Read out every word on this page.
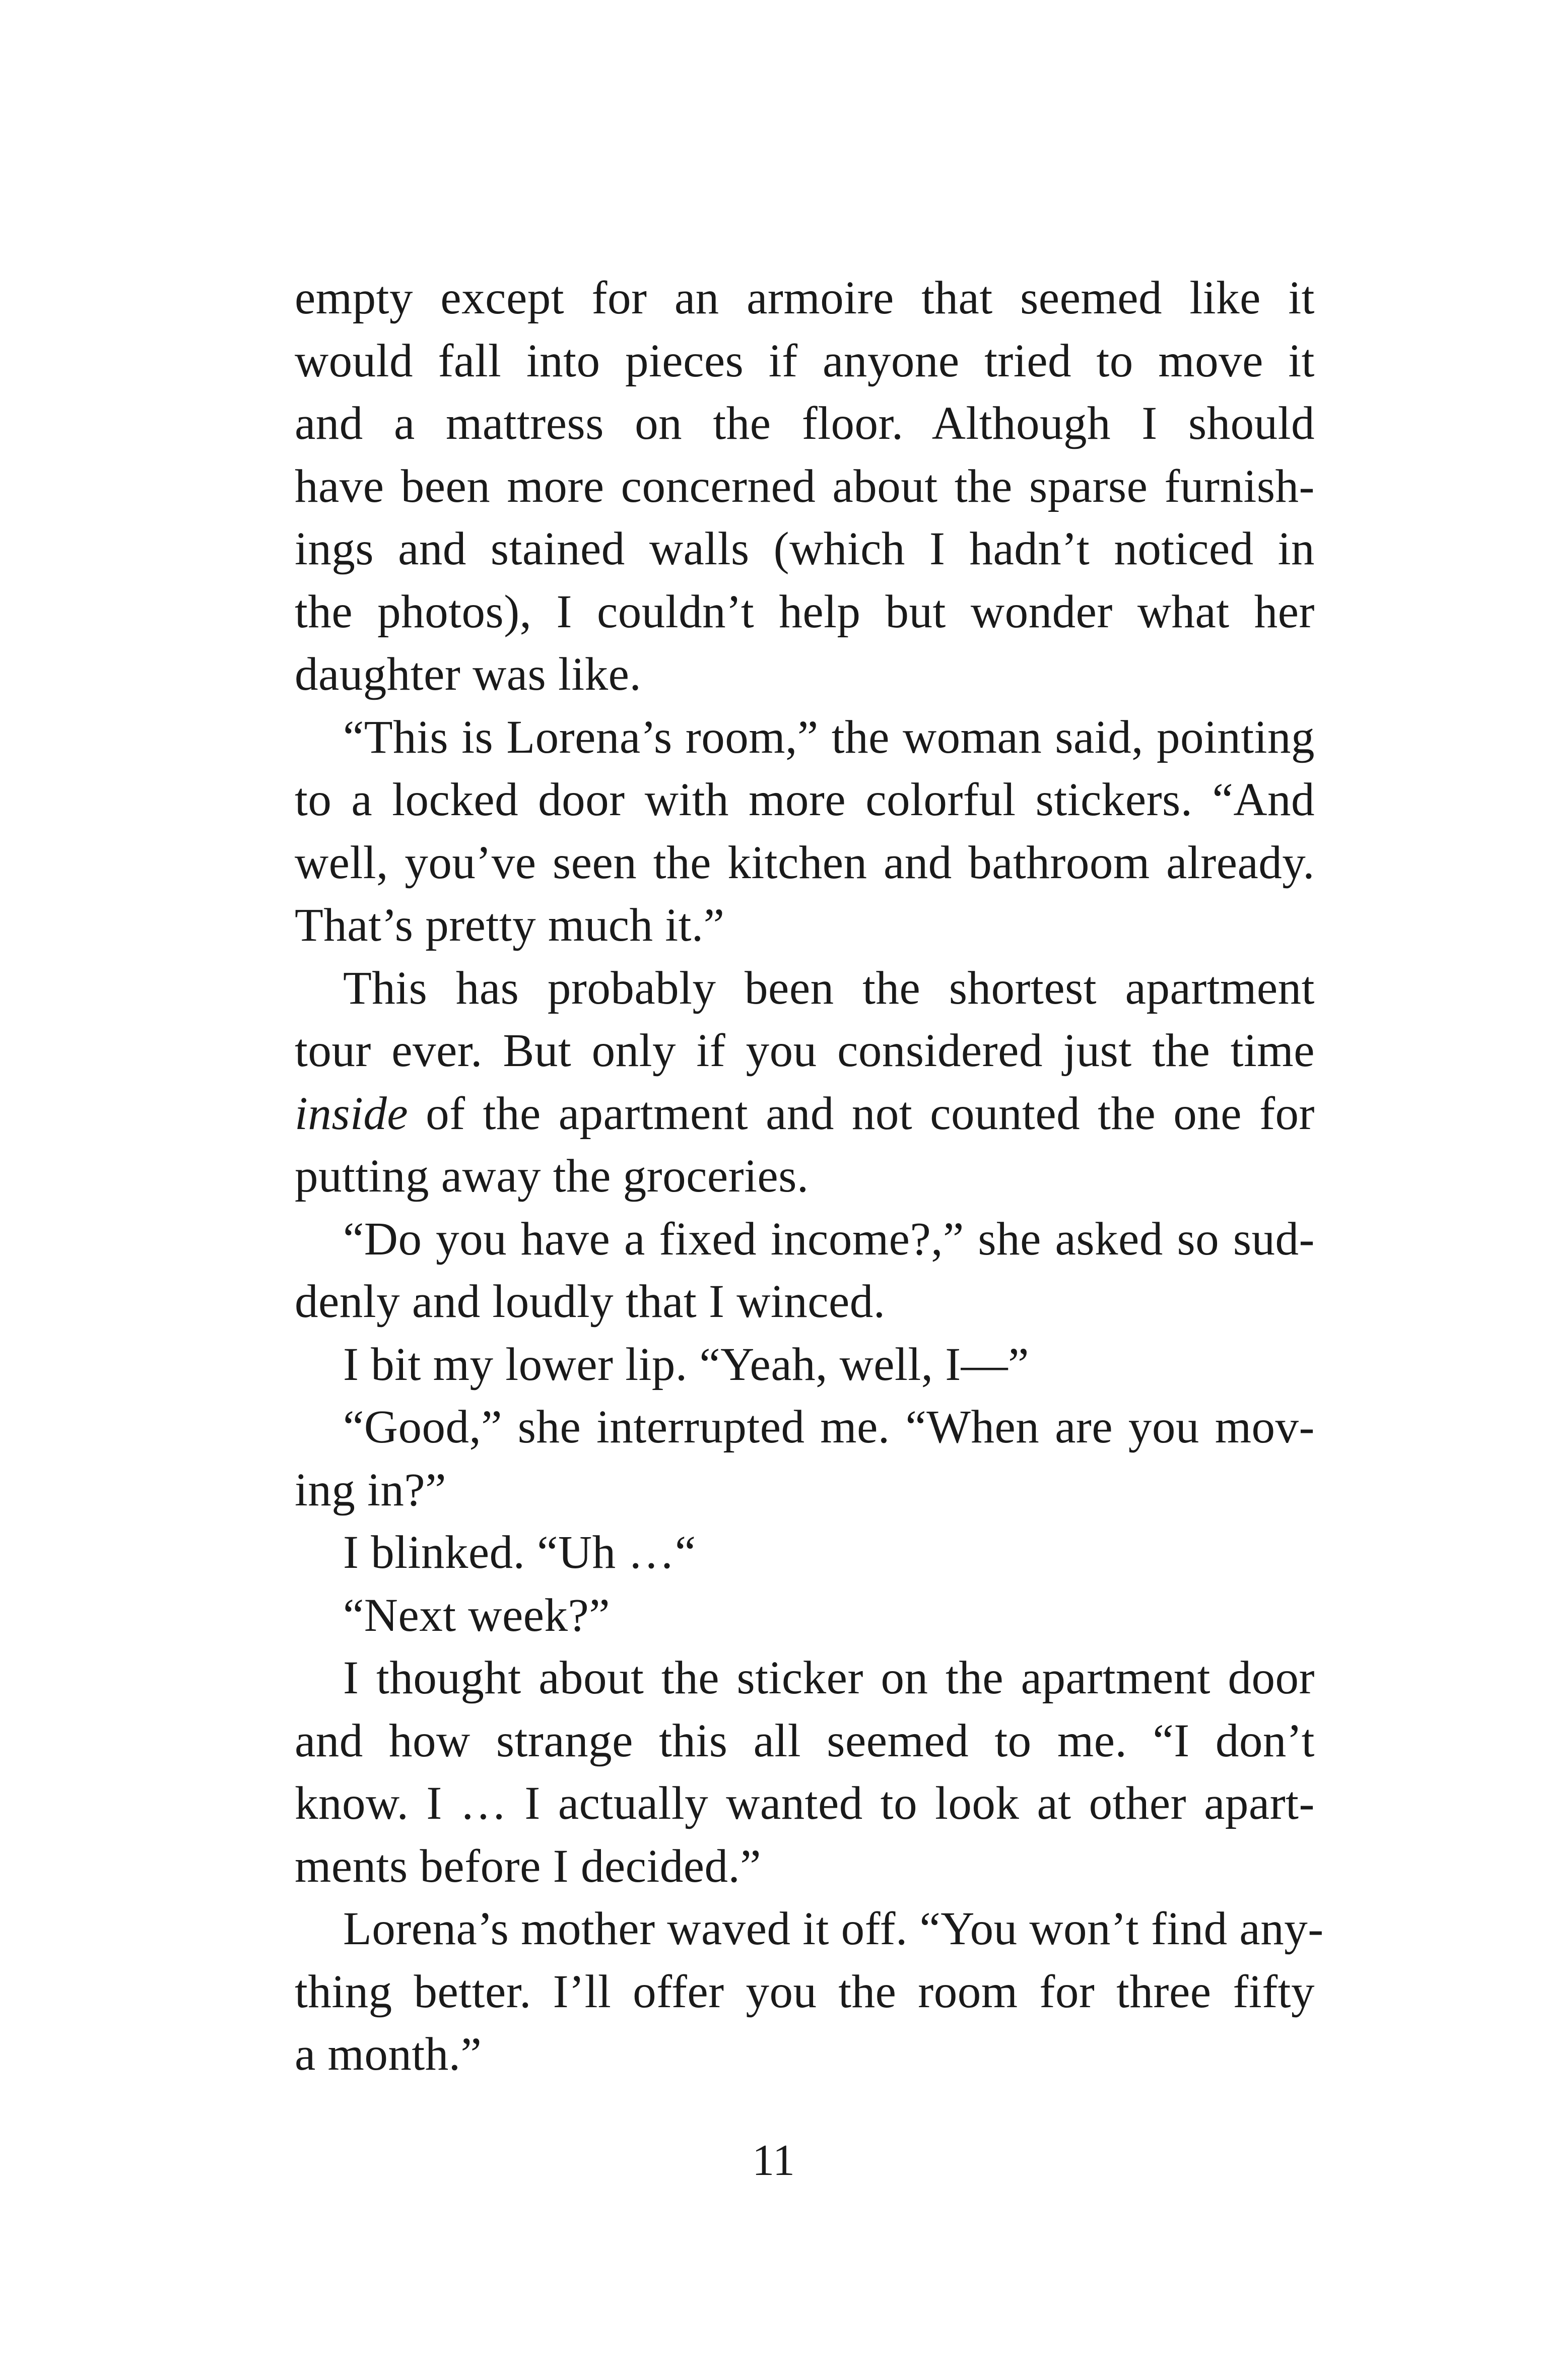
empty except for an armoire that seemed like it
would fall into pieces if anyone tried to move it
and a mattress on the floor. Although I should
have been more concerned about the sparse furnish-
ings and stained walls (which I hadn’t noticed in
the photos), I couldn’t help but wonder what her
daughter was like.
“This is Lorena’s room,” the woman said, pointing
to a locked door with more colorful stickers. “And
well, you’ve seen the kitchen and bathroom already.
That’s pretty much it.”
This has probably been the shortest apartment
tour ever. But only if you considered just the time
inside of the apartment and not counted the one for
putting away the groceries.
“Do you have a fixed income?,” she asked so sud-
denly and loudly that I winced.
I bit my lower lip. “Yeah, well, I—”
“Good,” she interrupted me. “When are you mov-
ing in?”
I blinked. “Uh …“
“Next week?”
I thought about the sticker on the apartment door
and how strange this all seemed to me. “I don’t
know. I … I actually wanted to look at other apart-
ments before I decided.”
Lorena’s mother waved it off. “You won’t find any-
thing better. I’ll offer you the room for three fifty
a month.”
11
